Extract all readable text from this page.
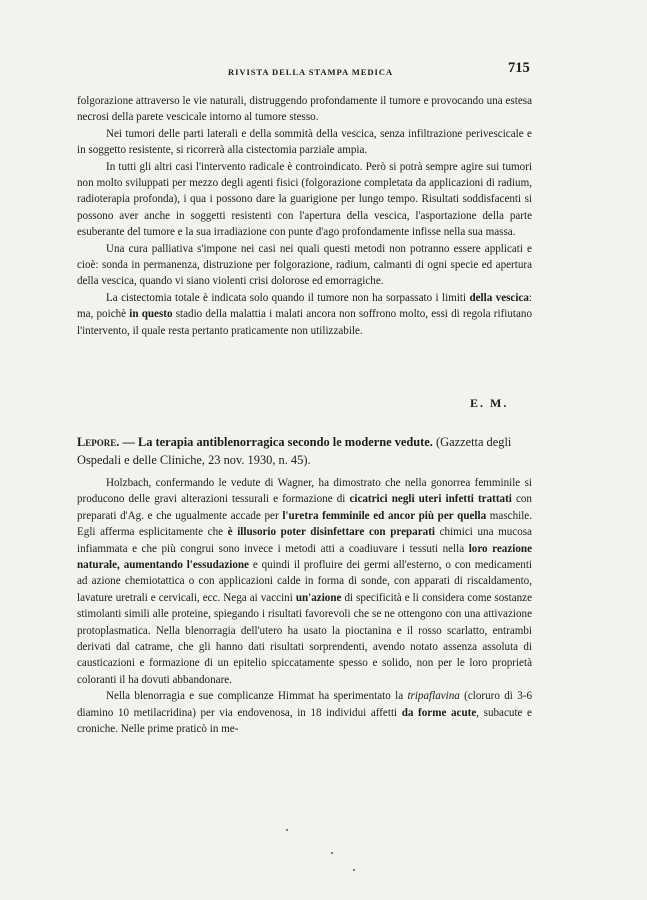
RIVISTA DELLA STAMPA MEDICA	715

folgorazione attraverso le vie naturali, distruggendo profondamente il tumore e provocando una estesa necrosi della parete vescicale intorno al tumore stesso.

Nei tumori delle parti laterali e della sommità della vescica, senza infiltrazione perivescicale e in soggetto resistente, si ricorrerà alla cistectomia parziale ampia.

In tutti gli altri casi l'intervento radicale è controindicato. Però si potrà sempre agire sui tumori non molto sviluppati per mezzo degli agenti fisici (folgorazione completata da applicazioni di radium, radioterapia profonda), i qua i possono dare la guarigione per lungo tempo. Risultati soddisfacenti si possono aver anche in soggetti resistenti con l'apertura della vescica, l'asportazione della parte esuberante del tumore e la sua irradiazione con punte d'ago profondamente infisse nella sua massa.

Una cura palliativa s'impone nei casi nei quali questi metodi non potranno essere applicati e cioè: sonda in permanenza, distruzione per folgorazione, radium, calmanti di ogni specie ed apertura della vescica, quando vi siano violenti crisi dolorose ed emorragiche.

La cistectomia totale è indicata solo quando il tumore non ha sorpassato i limiti della vescica: ma, poichè in questo stadio della malattia i malati ancora non soffrono molto, essi di regola rifiutano l'intervento, il quale resta pertanto praticamente non utilizzabile.

E. M.
Lepore. — La terapia antiblenorragica secondo le moderne vedute. (Gazzetta degli Ospedali e delle Cliniche, 23 nov. 1930, n. 45).

Holzbach, confermando le vedute di Wagner, ha dimostrato che nella gonorrea femminile si producono delle gravi alterazioni tessurali e formazione di cicatrici negli uteri infetti trattati con preparati d'Ag. e che ugualmente accade per l'uretra femminile ed ancor più per quella maschile. Egli afferma esplicitamente che è illusorio poter disinfettare con preparati chimici una mucosa infiammata e che più congrui sono invece i metodi atti a coadiuvare i tessuti nella loro reazione naturale, aumentando l'essudazione e quindi il profluire dei germi all'esterno, o con medicamenti ad azione chemiotattica o con applicazioni calde in forma di sonde, con apparati di riscaldamento, lavature uretrali e cervicali, ecc. Nega ai vaccini un'azione di specificità e li considera come sostanze stimolanti simili alle proteine, spiegando i risultati favorevoli che se ne ottengono con una attivazione protoplasmatica. Nella blenorragia dell'utero ha usato la pioctanina e il rosso scarlatto, entrambi derivati dal catrame, che gli hanno dati risultati sorprendenti, avendo notato assenza assoluta di causticazioni e formazione di un epitelio spiccatamente spesso e solido, non per le loro proprietà coloranti il ha dovuti abbandonare.

Nella blenorragia e sue complicanze Himmat ha sperimentato la tripaflavina (cloruro di 3-6 diamino 10 metilacridina) per via endovenosa, in 18 individui affetti da forme acute, subacute e croniche. Nelle prime praticò in me-
